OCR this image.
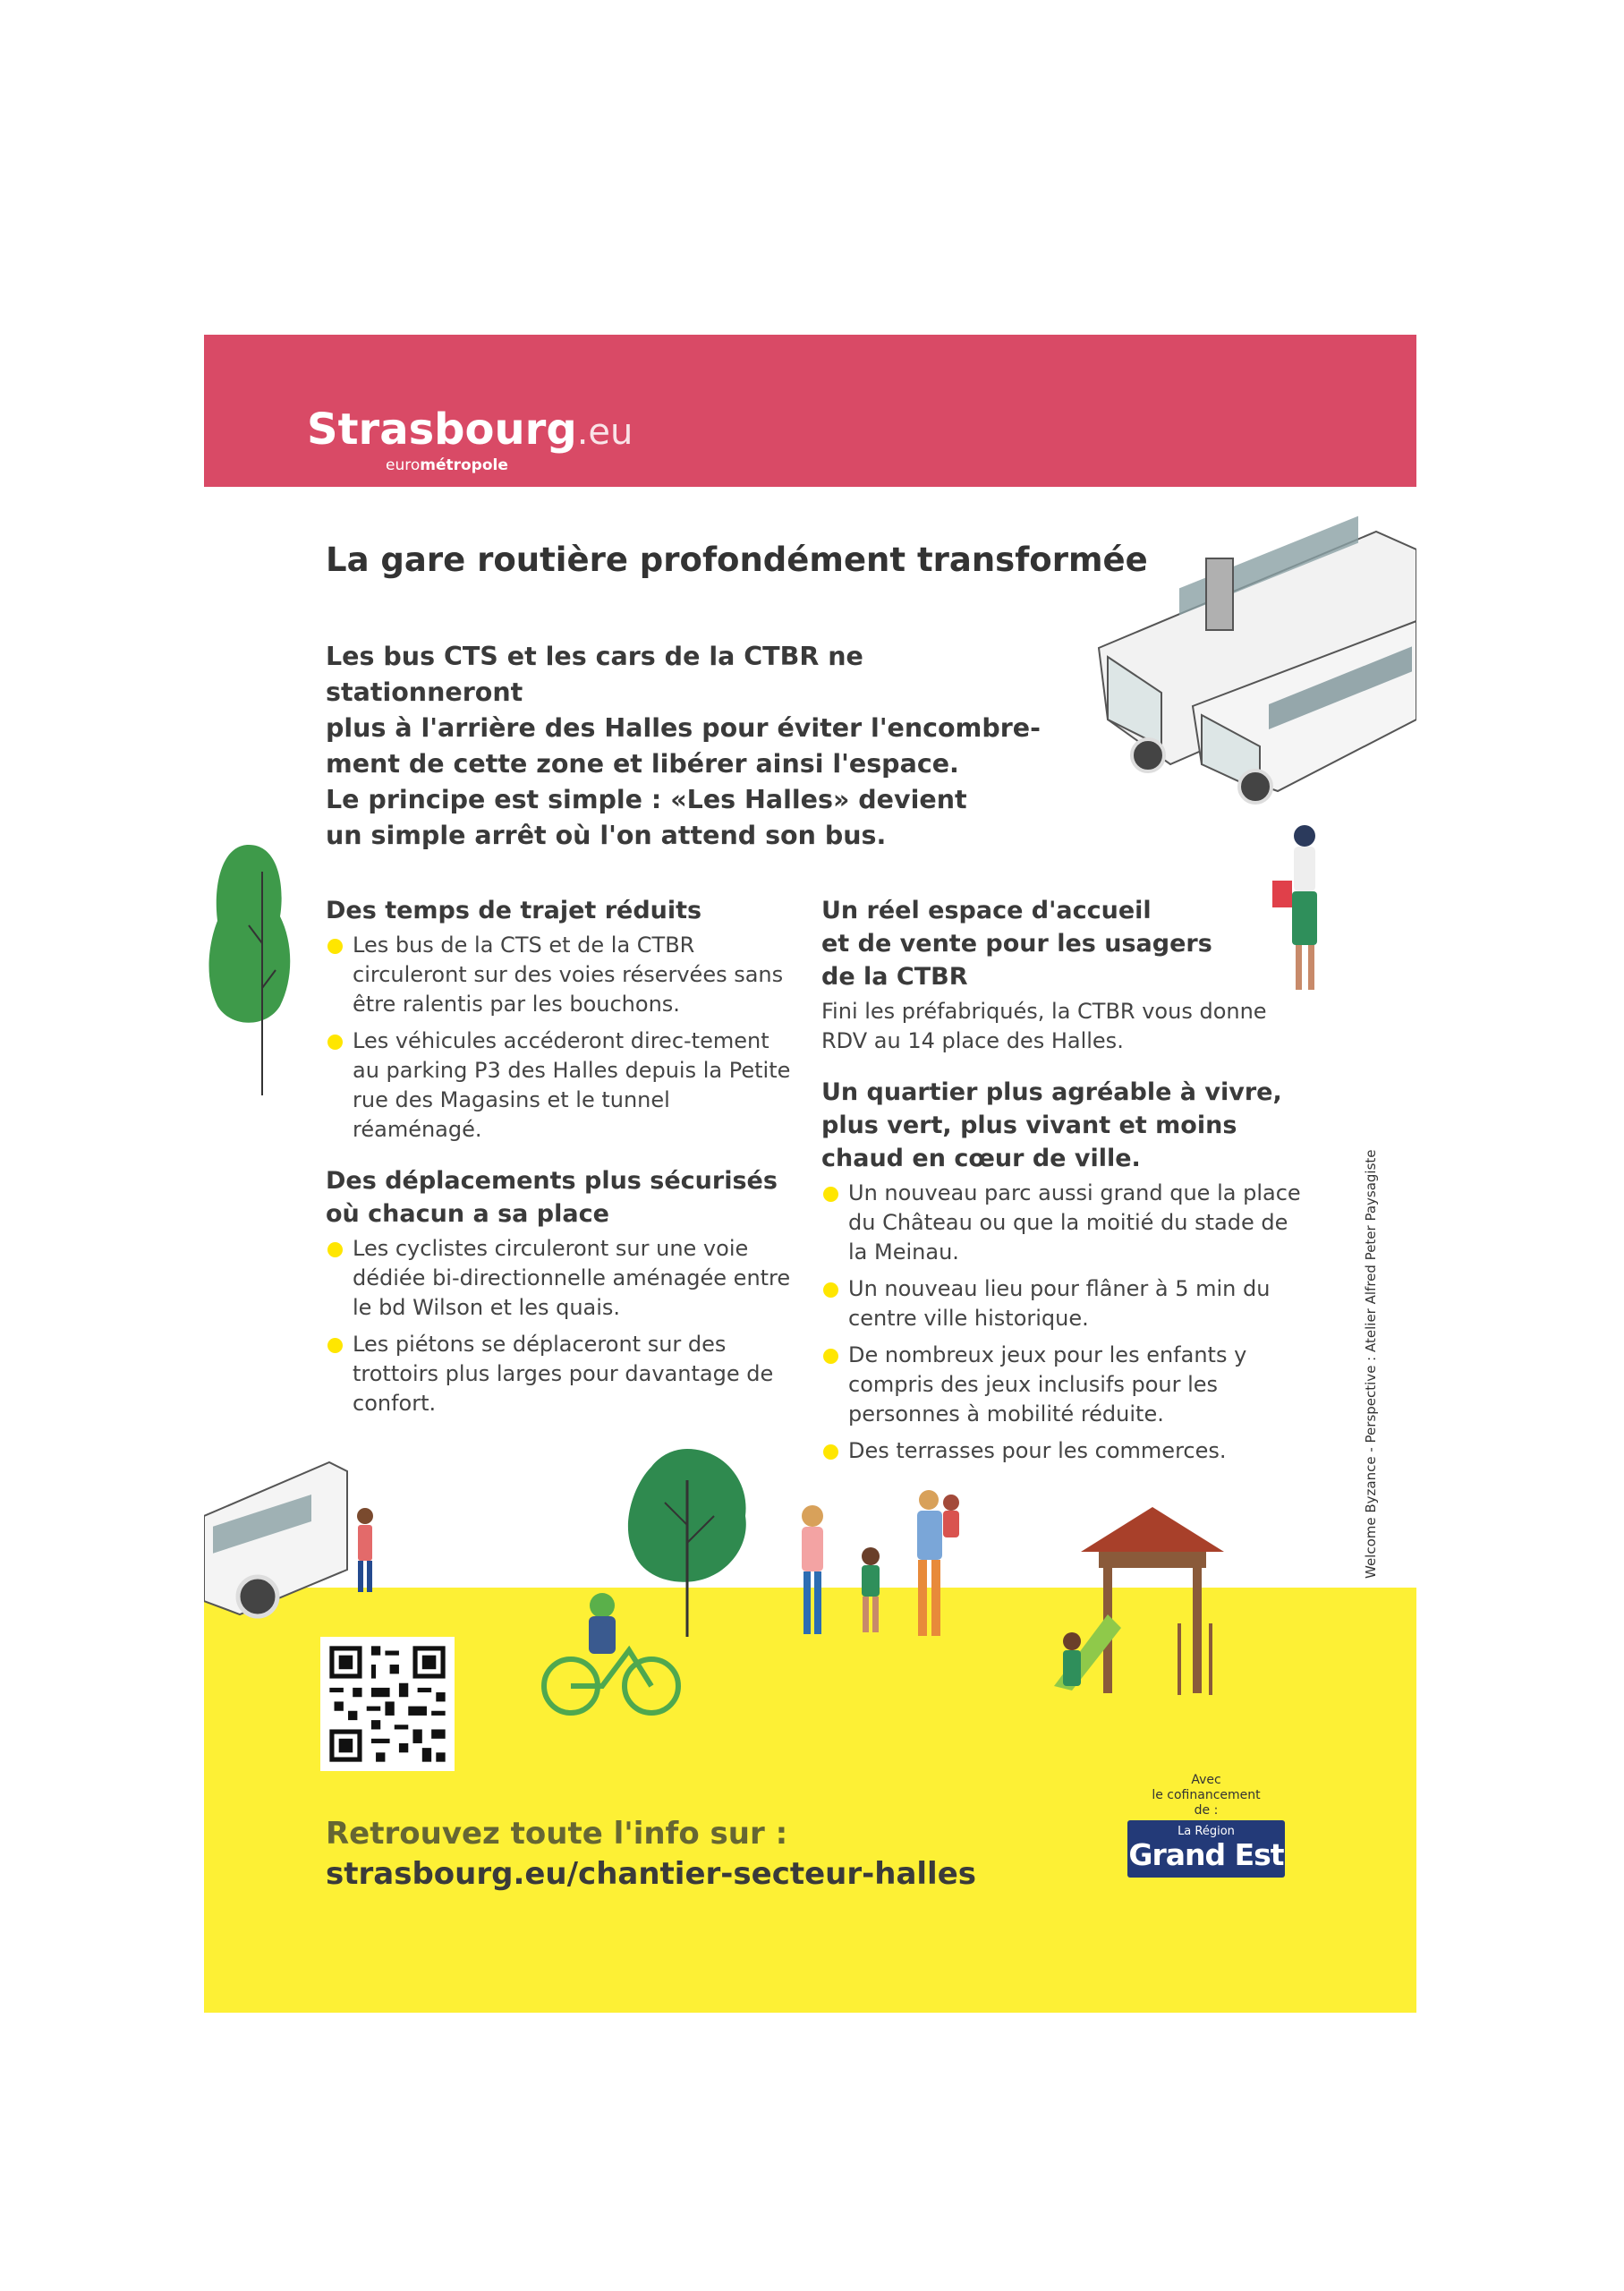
Strasbourg.eu
eurométropole
La gare routière profondément transformée

Les bus CTS et les cars de la CTBR ne stationneront

plus à l'arrière des Halles pour éviter l'encombre-

ment de cette zone et libérer ainsi l'espace.

Le principe est simple : «Les Halles» devient

un simple arrêt où l'on attend son bus.

Des temps de trajet réduits
Les bus de la CTS et de la CTBR circuleront sur des voies réservées sans être ralentis par les bouchons.
Les véhicules accéderont direc-tement au parking P3 des Halles depuis la Petite rue des Magasins et le tunnel réaménagé.
Des déplacements plus sécurisés
où chacun a sa place
Les cyclistes circuleront sur une voie dédiée bi-directionnelle aménagée entre le bd Wilson et les quais.
Les piétons se déplaceront sur des trottoirs plus larges pour davantage de confort.
Un réel espace d'accueil
et de vente pour les usagers
de la CTBR

Fini les préfabriqués, la CTBR vous donne RDV au 14 place des Halles.

Un quartier plus agréable à vivre,
plus vert, plus vivant et moins
chaud en cœur de ville.
Un nouveau parc aussi grand que la place du Château ou que la moitié du stade de la Meinau.
Un nouveau lieu pour flâner à 5 min du centre ville historique.
De nombreux jeux pour les enfants y compris des jeux inclusifs pour les personnes à mobilité réduite.
Des terrasses pour les commerces.
Retrouvez toute l'info sur :
strasbourg.eu/chantier-secteur-halles
Avec
le cofinancement
de :
La Région
Grand Est
Welcome Byzance - Perspective : Atelier Alfred Peter Paysagiste
